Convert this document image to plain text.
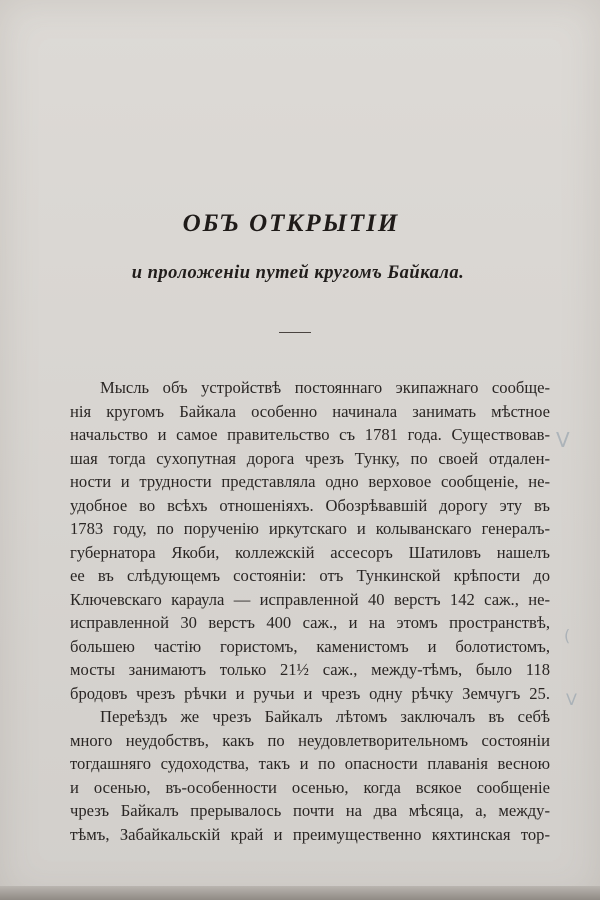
ОБЪ ОТКРЫТІИ
и проложеніи путей кругомъ Байкала.
Мысль объ устройствѣ постояннаго экипажнаго сообще-
нія кругомъ Байкала особенно начинала занимать мѣстное
начальство и самое правительство съ 1781 года. Существовав-
шая тогда сухопутная дорога чрезъ Тунку, по своей отдален-
ности и трудности представляла одно верховое сообщеніе, не-
удобное во всѣхъ отношеніяхъ. Обозрѣвавшій дорогу эту въ
1783 году, по порученію иркутскаго и колыванскаго генералъ-
губернатора Якоби, коллежскій ассесоръ Шатиловъ нашелъ
ее въ слѣдующемъ состояніи: отъ Тункинской крѣпости до
Ключевскаго караула — исправленной 40 верстъ 142 саж., не-
исправленной 30 верстъ 400 саж., и на этомъ пространствѣ,
большею частію гористомъ, каменистомъ и болотистомъ,
мосты занимаютъ только 21½ саж., между-тѣмъ, было 118
бродовъ чрезъ рѣчки и ручьи и чрезъ одну рѣчку Земчугъ 25.
Переѣздъ же чрезъ Байкалъ лѣтомъ заключалъ въ себѣ
много неудобствъ, какъ по неудовлетворительномъ состояніи
тогдашняго судоходства, такъ и по опасности плаванія весною
и осенью, въ-особенности осенью, когда всякое сообщеніе
чрезъ Байкалъ прерывалось почти на два мѣсяца, а, между-
тѣмъ, Забайкальскій край и преимущественно кяхтинская тор-
V
(
V
